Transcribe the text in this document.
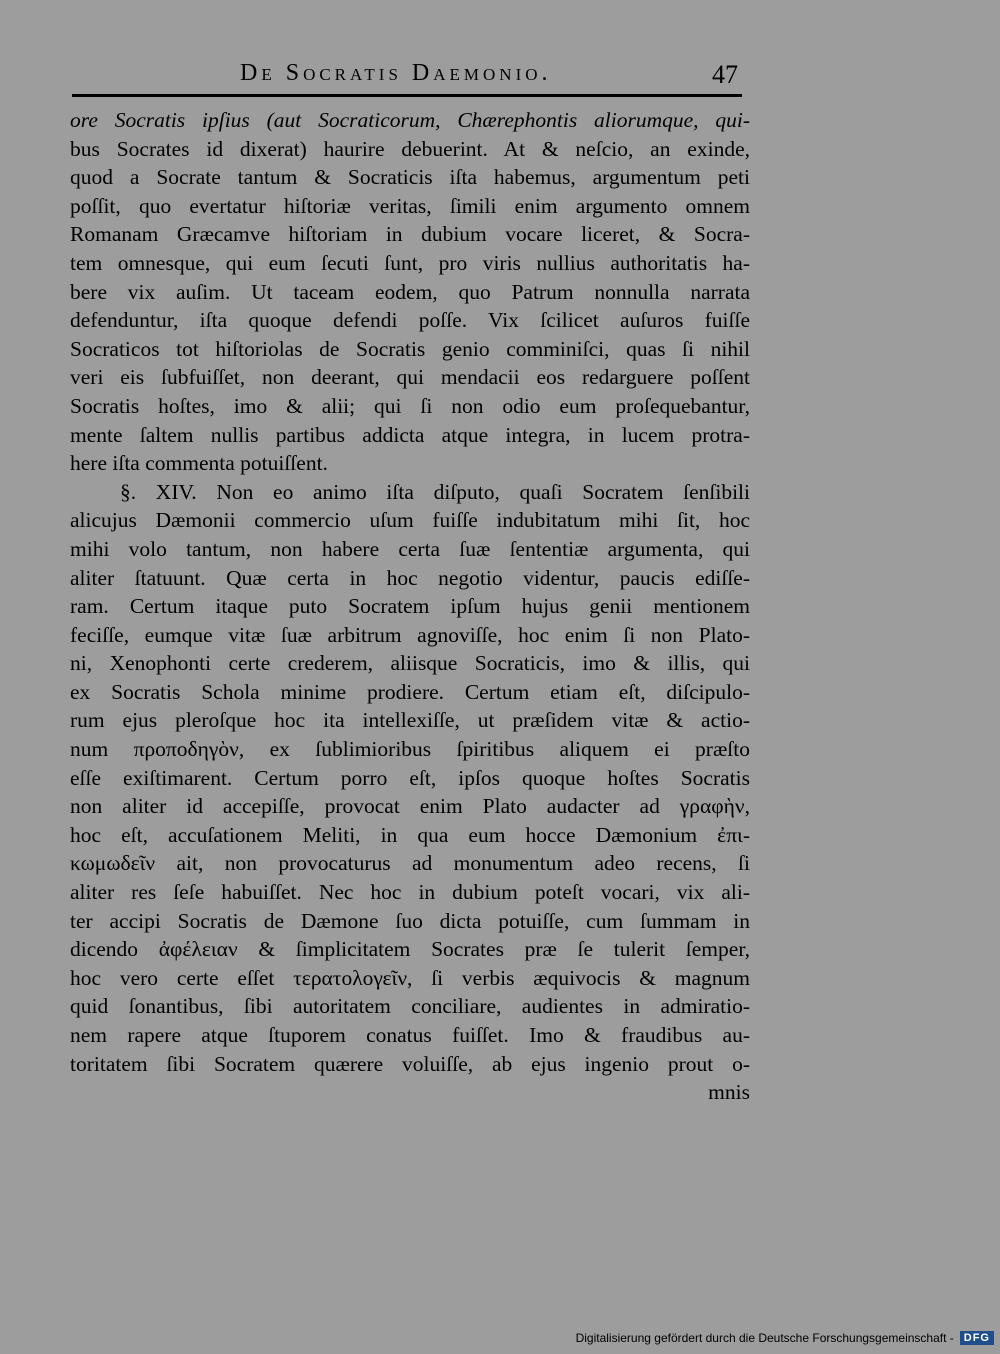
De Socratis Daemonio.	47
ore Socratis ipſius (aut Socraticorum, Chærephontis aliorumque, qui-
bus Socrates id dixerat) haurire debuerint. At & neſcio, an exinde,
quod a Socrate tantum & Socraticis iſta habemus, argumentum peti
poſſit, quo evertatur hiſtoriæ veritas, ſimili enim argumento omnem
Romanam Græcamve hiſtoriam in dubium vocare liceret, & Socra-
tem omnesque, qui eum ſecuti ſunt, pro viris nullius authoritatis ha-
bere vix auſim. Ut taceam eodem, quo Patrum nonnulla narrata
defenduntur, iſta quoque defendi poſſe. Vix ſcilicet auſuros fuiſſe
Socraticos tot hiſtoriolas de Socratis genio comminiſci, quas ſi nihil
veri eis ſubfuiſſet, non deerant, qui mendacii eos redarguere poſſent
Socratis hoſtes, imo & alii; qui ſi non odio eum proſequebantur,
mente ſaltem nullis partibus addicta atque integra, in lucem protra-
here iſta commenta potuiſſent.
§. XIV. Non eo animo iſta diſputo, quaſi Socratem ſenſibili
alicujus Dæmonii commercio uſum fuiſſe indubitatum mihi ſit, hoc
mihi volo tantum, non habere certa ſuæ ſententiæ argumenta, qui
aliter ſtatuunt. Quæ certa in hoc negotio videntur, paucis ediſſe-
ram. Certum itaque puto Socratem ipſum hujus genii mentionem
feciſſe, eumque vitæ ſuæ arbitrum agnoviſſe, hoc enim ſi non Plato-
ni, Xenophonti certe crederem, aliisque Socraticis, imo & illis, qui
ex Socratis Schola minime prodiere. Certum etiam eſt, diſcipulo-
rum ejus pleroſque hoc ita intellexiſſe, ut præſidem vitæ & actio-
num προποδηγὸν, ex ſublimioribus ſpiritibus aliquem ei præſto
eſſe exiſtimarent. Certum porro eſt, ipſos quoque hoſtes Socratis
non aliter id accepiſſe, provocat enim Plato audacter ad γραφὴν,
hoc eſt, accuſationem Meliti, in qua eum hocce Dæmonium ἐπι-
κωμωδεῖν ait, non provocaturus ad monumentum adeo recens, ſi
aliter res ſeſe habuiſſet. Nec hoc in dubium poteſt vocari, vix ali-
ter accipi Socratis de Dæmone ſuo dicta potuiſſe, cum ſummam in
dicendo ἀφέλειαν & ſimplicitatem Socrates præ ſe tulerit ſemper,
hoc vero certe eſſet τερατολογεῖν, ſi verbis æquivocis & magnum
quid ſonantibus, ſibi autoritatem conciliare, audientes in admiratio-
nem rapere atque ſtuporem conatus fuiſſet. Imo & fraudibus au-
toritatem ſibi Socratem quærere voluiſſe, ab ejus ingenio prout o-
mnis
Digitalisierung gefördert durch die Deutsche Forschungsgemeinschaft - DFG
